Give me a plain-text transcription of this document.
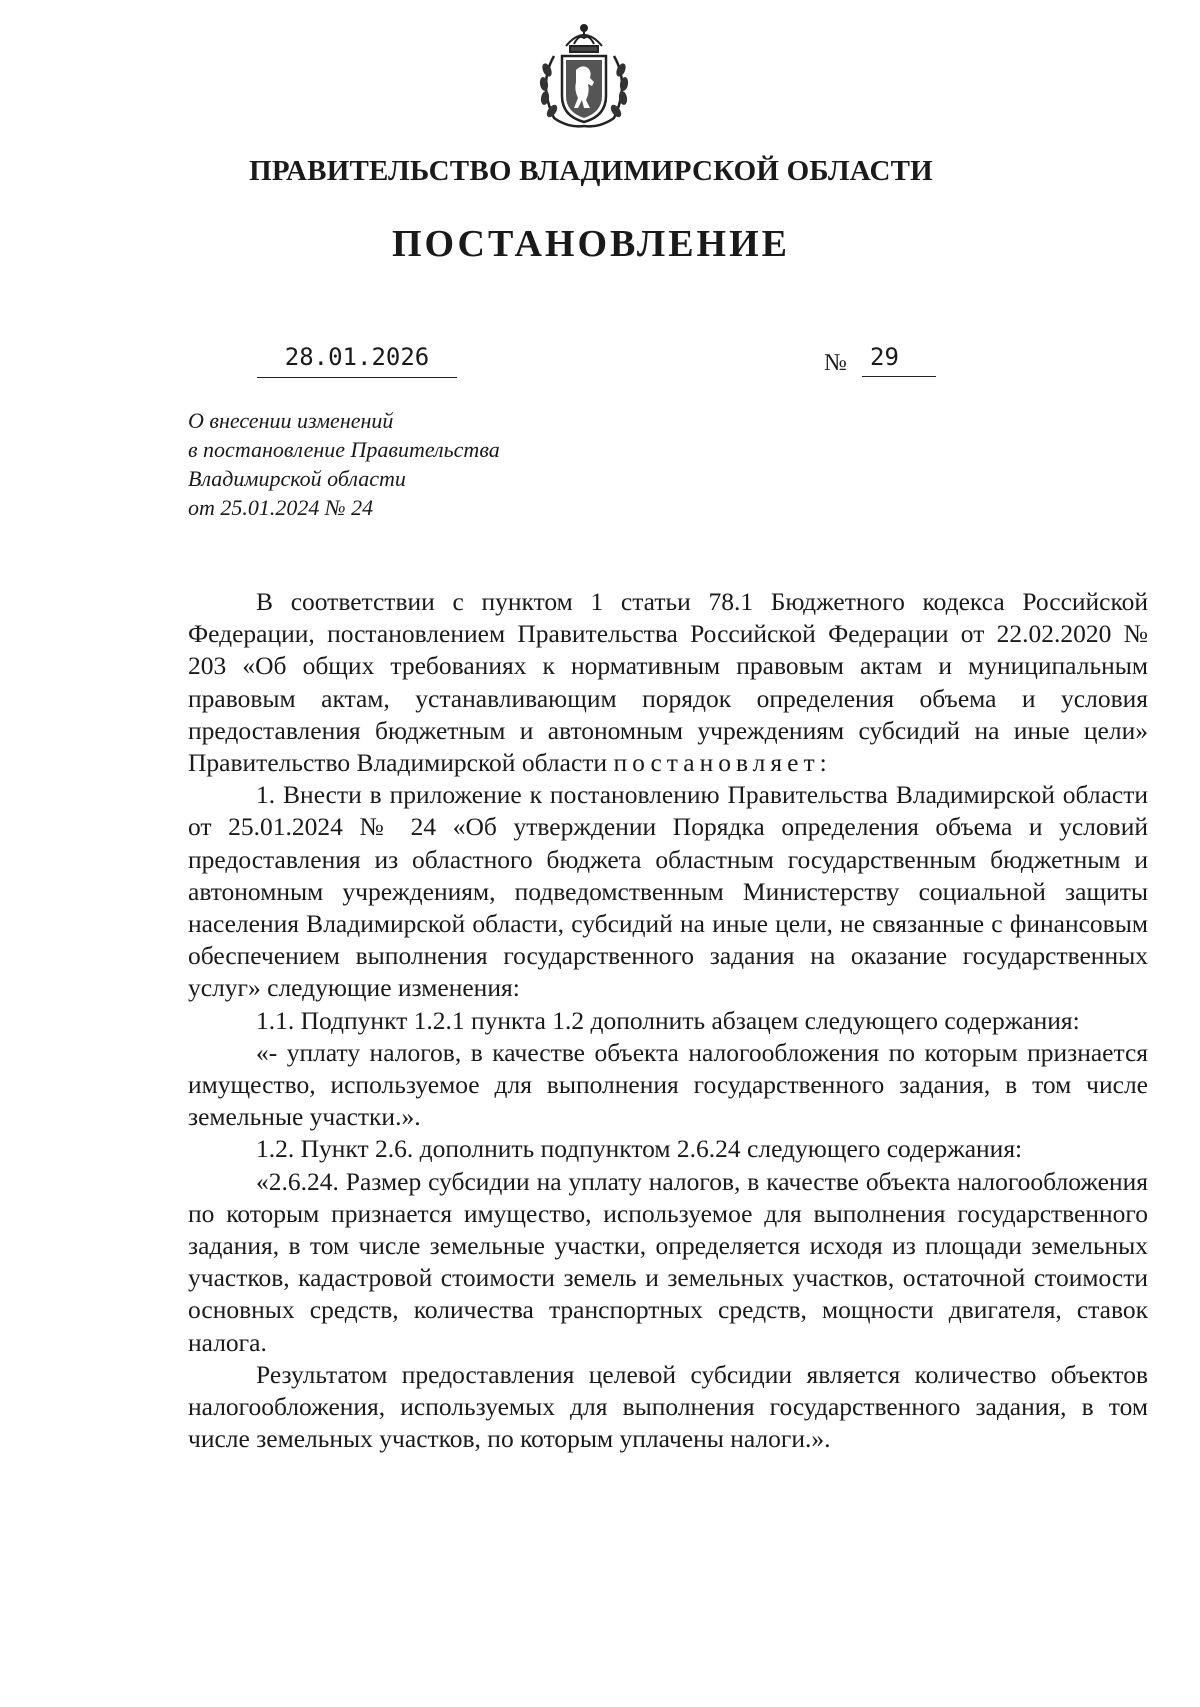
ПРАВИТЕЛЬСТВО ВЛАДИМИРСКОЙ ОБЛАСТИ
ПОСТАНОВЛЕНИЕ
28.01.2026	№ 29
О внесении изменений
в постановление Правительства
Владимирской области
от 25.01.2024 № 24

В соответствии с пунктом 1 статьи 78.1 Бюджетного кодекса Российской Федерации, постановлением Правительства Российской Федерации от 22.02.2020 № 203 «Об общих требованиях к нормативным правовым актам и муниципальным правовым актам, устанавливающим порядок определения объема и условия предоставления бюджетным и автономным учреждениям субсидий на иные цели» Правительство Владимирской области постановляет:

1. Внести в приложение к постановлению Правительства Владимирской области от 25.01.2024 № 24 «Об утверждении Порядка определения объема и условий предоставления из областного бюджета областным государственным бюджетным и автономным учреждениям, подведомственным Министерству социальной защиты населения Владимирской области, субсидий на иные цели, не связанные с финансовым обеспечением выполнения государственного задания на оказание государственных услуг» следующие изменения:

1.1. Подпункт 1.2.1 пункта 1.2 дополнить абзацем следующего содержания:

«- уплату налогов, в качестве объекта налогообложения по которым признается имущество, используемое для выполнения государственного задания, в том числе земельные участки.».

1.2. Пункт 2.6. дополнить подпунктом 2.6.24 следующего содержания:

«2.6.24. Размер субсидии на уплату налогов, в качестве объекта налогообложения по которым признается имущество, используемое для выполнения государственного задания, в том числе земельные участки, определяется исходя из площади земельных участков, кадастровой стоимости земель и земельных участков, остаточной стоимости основных средств, количества транспортных средств, мощности двигателя, ставок налога.

Результатом предоставления целевой субсидии является количество объектов налогообложения, используемых для выполнения государственного задания, в том числе земельных участков, по которым уплачены налоги.».
